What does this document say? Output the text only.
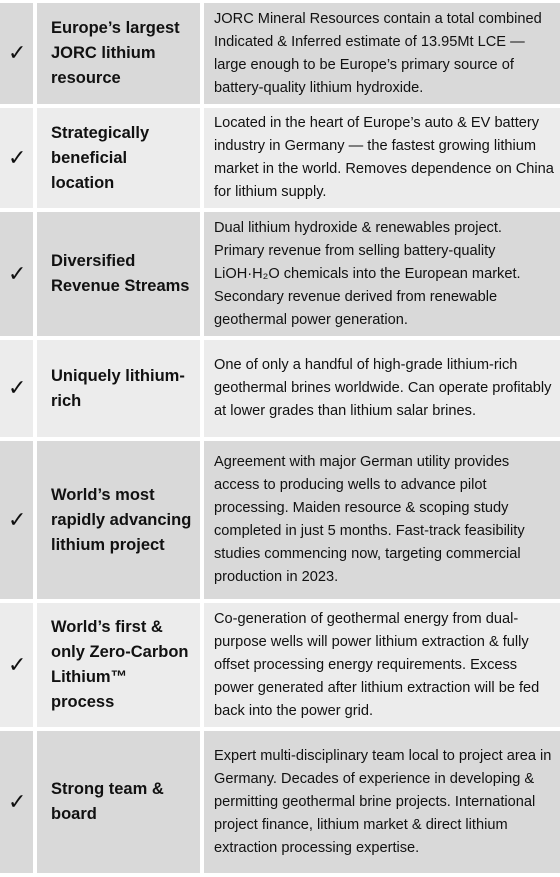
✓
Europe’s largest JORC lithium resource
JORC Mineral Resources contain a total combined Indicated & Inferred estimate of 13.95Mt LCE — large enough to be Europe’s primary source of battery-quality lithium hydroxide.
✓
Strategically beneficial location
Located in the heart of Europe’s auto & EV battery industry in Germany — the fastest growing lithium market in the world. Removes dependence on China for lithium supply.
✓
Diversified Revenue Streams
Dual lithium hydroxide & renewables project. Primary revenue from selling battery-quality LiOH·H₂O chemicals into the European market. Secondary revenue derived from renewable geothermal power generation.
✓
Uniquely lithium-rich
One of only a handful of high-grade lithium-rich geothermal brines worldwide. Can operate profitably at lower grades than lithium salar brines.
✓
World’s most rapidly advancing lithium project
Agreement with major German utility provides access to producing wells to advance pilot processing. Maiden resource & scoping study completed in just 5 months. Fast-track feasibility studies commencing now, targeting commercial production in 2023.
✓
World’s first & only Zero-Carbon Lithium™ process
Co-generation of geothermal energy from dual-purpose wells will power lithium extraction & fully offset processing energy requirements. Excess power generated after lithium extraction will be fed back into the power grid.
✓
Strong team & board
Expert multi-disciplinary team local to project area in Germany. Decades of experience in developing & permitting geothermal brine projects. International project finance, lithium market & direct lithium extraction processing expertise.
